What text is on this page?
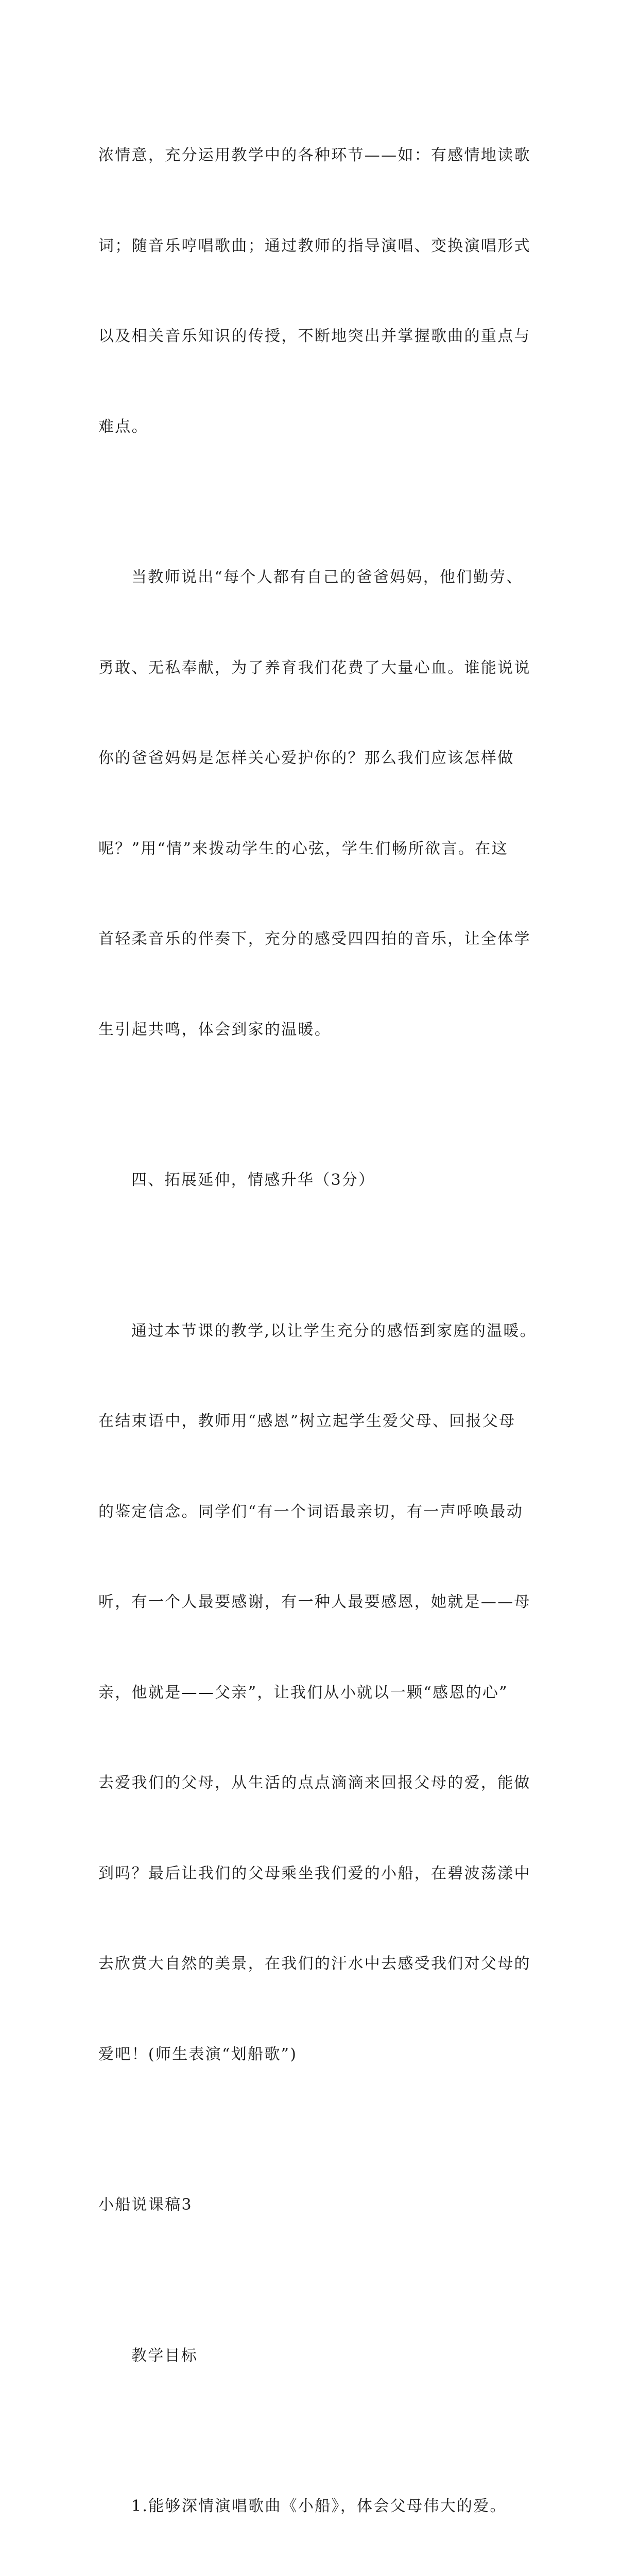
浓情意，充分运用教学中的各种环节——如：有感情地读歌

词；随音乐哼唱歌曲；通过教师的指导演唱、变换演唱形式

以及相关音乐知识的传授，不断地突出并掌握歌曲的重点与

难点。

当教师说出“每个人都有自己的爸爸妈妈，他们勤劳、

勇敢、无私奉献，为了养育我们花费了大量心血。谁能说说

你的爸爸妈妈是怎样关心爱护你的？那么我们应该怎样做

呢？”用“情”来拨动学生的心弦，学生们畅所欲言。在这

首轻柔音乐的伴奏下，充分的感受四四拍的音乐，让全体学

生引起共鸣，体会到家的温暖。

四、拓展延伸，情感升华（3分）

通过本节课的教学,以让学生充分的感悟到家庭的温暖。

在结束语中，教师用“感恩”树立起学生爱父母、回报父母

的鉴定信念。同学们“有一个词语最亲切，有一声呼唤最动

听，有一个人最要感谢，有一种人最要感恩，她就是——母

亲，他就是——父亲”，让我们从小就以一颗“感恩的心”

去爱我们的父母，从生活的点点滴滴来回报父母的爱，能做

到吗？最后让我们的父母乘坐我们爱的小船，在碧波荡漾中

去欣赏大自然的美景，在我们的汗水中去感受我们对父母的

爱吧！(师生表演“划船歌”)

小船说课稿3

教学目标

1.能够深情演唱歌曲《小船》，体会父母伟大的爱。
